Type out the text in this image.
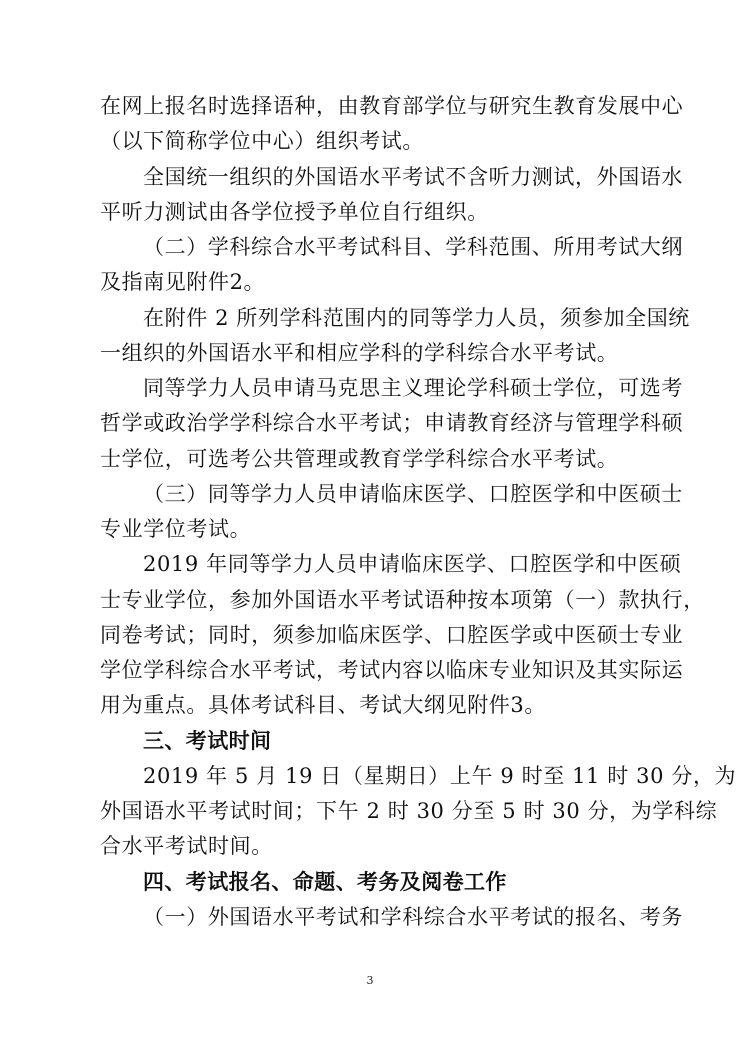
在网上报名时选择语种，由教育部学位与研究生教育发展中心
（以下简称学位中心）组织考试。
全国统一组织的外国语水平考试不含听力测试，外国语水
平听力测试由各学位授予单位自行组织。
（二）学科综合水平考试科目、学科范围、所用考试大纲
及指南见附件2。
在附件 2 所列学科范围内的同等学力人员，须参加全国统
一组织的外国语水平和相应学科的学科综合水平考试。
同等学力人员申请马克思主义理论学科硕士学位，可选考
哲学或政治学学科综合水平考试；申请教育经济与管理学科硕
士学位，可选考公共管理或教育学学科综合水平考试。
（三）同等学力人员申请临床医学、口腔医学和中医硕士
专业学位考试。
2019 年同等学力人员申请临床医学、口腔医学和中医硕
士专业学位，参加外国语水平考试语种按本项第（一）款执行，
同卷考试；同时，须参加临床医学、口腔医学或中医硕士专业
学位学科综合水平考试，考试内容以临床专业知识及其实际运
用为重点。具体考试科目、考试大纲见附件3。
三、考试时间
2019 年 5 月 19 日（星期日）上午 9 时至 11 时 30 分，为
外国语水平考试时间；下午 2 时 30 分至 5 时 30 分，为学科综
合水平考试时间。
四、考试报名、命题、考务及阅卷工作
（一）外国语水平考试和学科综合水平考试的报名、考务
3
